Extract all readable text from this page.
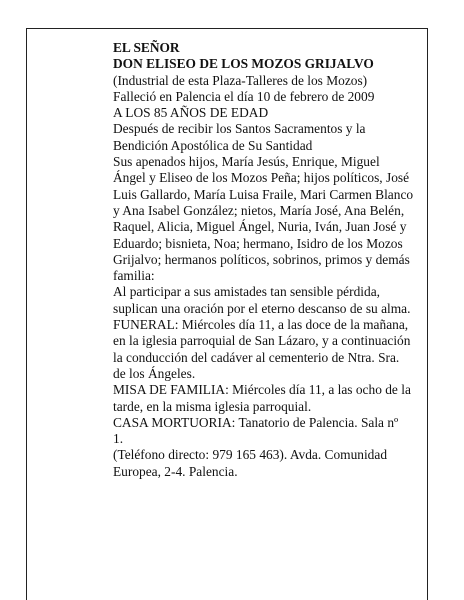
EL SEÑOR
DON ELISEO DE LOS MOZOS GRIJALVO
(Industrial de esta Plaza-Talleres de los Mozos)
Falleció en Palencia el día 10 de febrero de 2009
A LOS 85 AÑOS DE EDAD
Después de recibir los Santos Sacramentos y la
Bendición Apostólica de Su Santidad
Sus apenados hijos, María Jesús, Enrique, Miguel
Ángel y Eliseo de los Mozos Peña; hijos políticos, José
Luis Gallardo, María Luisa Fraile, Mari Carmen Blanco
y Ana Isabel González; nietos, María José, Ana Belén,
Raquel, Alicia, Miguel Ángel, Nuria, Iván, Juan José y
Eduardo; bisnieta, Noa; hermano, Isidro de los Mozos
Grijalvo; hermanos políticos, sobrinos, primos y demás
familia:
Al participar a sus amistades tan sensible pérdida,
suplican una oración por el eterno descanso de su alma.
FUNERAL: Miércoles día 11, a las doce de la mañana,
en la iglesia parroquial de San Lázaro, y a continuación
la conducción del cadáver al cementerio de Ntra. Sra.
de los Ángeles.
MISA DE FAMILIA: Miércoles día 11, a las ocho de la
tarde, en la misma iglesia parroquial.
CASA MORTUORIA: Tanatorio de Palencia. Sala nº
1.
(Teléfono directo: 979 165 463). Avda. Comunidad
Europea, 2-4. Palencia.
